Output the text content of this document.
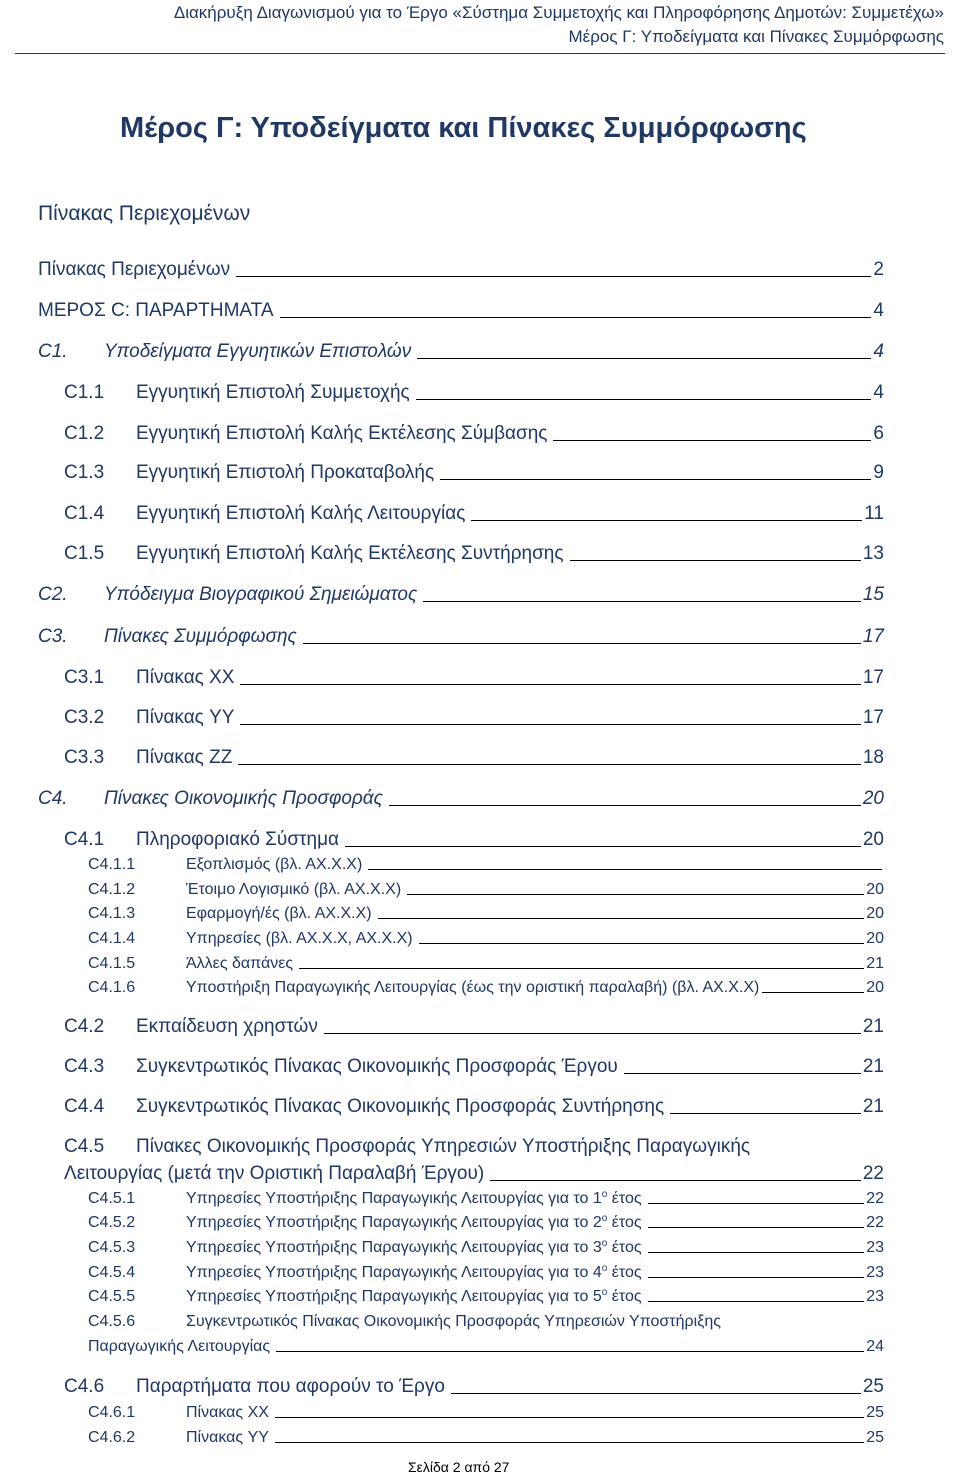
Διακήρυξη Διαγωνισμού για το Έργο «Σύστημα Συμμετοχής και Πληροφόρησης Δημοτών: Συμμετέχω»
Μέρος Γ: Υποδείγματα και Πίνακες Συμμόρφωσης
Μέρος Γ: Υποδείγματα και Πίνακες Συμμόρφωσης
Πίνακας Περιεχομένων
Πίνακας Περιεχομένων	2
ΜΕΡΟΣ C: ΠΑΡΑΡΤΗΜΑΤΑ	4
C1.	Υποδείγματα Εγγυητικών Επιστολών	4
C1.1	Εγγυητική Επιστολή Συμμετοχής	4
C1.2	Εγγυητική Επιστολή Καλής Εκτέλεσης Σύμβασης	6
C1.3	Εγγυητική Επιστολή Προκαταβολής	9
C1.4	Εγγυητική Επιστολή Καλής Λειτουργίας	11
C1.5	Εγγυητική Επιστολή Καλής Εκτέλεσης Συντήρησης	13
C2.	Υπόδειγμα Βιογραφικού Σημειώματος	15
C3.	Πίνακες Συμμόρφωσης	17
C3.1	Πίνακας ΧΧ	17
C3.2	Πίνακας YY	17
C3.3	Πίνακας ZZ	18
C4.	Πίνακες Οικονομικής Προσφοράς	20
C4.1	Πληροφοριακό Σύστημα	20
C4.1.1	Εξοπλισμός (βλ. ΑΧ.Χ.Χ)
C4.1.2	Έτοιμο Λογισμικό (βλ. ΑΧ.Χ.Χ)	20
C4.1.3	Εφαρμογή/ές (βλ. ΑΧ.Χ.Χ)	20
C4.1.4	Υπηρεσίες (βλ. ΑΧ.Χ.Χ, ΑΧ.Χ.Χ)	20
C4.1.5	Άλλες δαπάνες	21
C4.1.6	Υποστήριξη Παραγωγικής Λειτουργίας (έως την οριστική παραλαβή) (βλ. ΑΧ.Χ.Χ)	20
C4.2	Εκπαίδευση χρηστών	21
C4.3	Συγκεντρωτικός Πίνακας Οικονομικής Προσφοράς Έργου	21
C4.4	Συγκεντρωτικός Πίνακας Οικονομικής Προσφοράς Συντήρησης	21
C4.5	Πίνακες Οικονομικής Προσφοράς Υπηρεσιών Υποστήριξης Παραγωγικής
Λειτουργίας (μετά την Οριστική Παραλαβή Έργου)	22
C4.5.1	Υπηρεσίες Υποστήριξης Παραγωγικής Λειτουργίας για το $1^o$ έτος	22
C4.5.2	Υπηρεσίες Υποστήριξης Παραγωγικής Λειτουργίας για το $2^o$ έτος	22
C4.5.3	Υπηρεσίες Υποστήριξης Παραγωγικής Λειτουργίας για το $3^o$ έτος	23
C4.5.4	Υπηρεσίες Υποστήριξης Παραγωγικής Λειτουργίας για το $4^o$ έτος	23
C4.5.5	Υπηρεσίες Υποστήριξης Παραγωγικής Λειτουργίας για το $5^o$ έτος	23
C4.5.6	Συγκεντρωτικός Πίνακας Οικονομικής Προσφοράς Υπηρεσιών Υποστήριξης
Παραγωγικής Λειτουργίας	24
C4.6	Παραρτήματα που αφορούν το Έργο	25
C4.6.1	Πίνακας ΧΧ	25
C4.6.2	Πίνακας YY	25
Σελίδα 2 από 27
